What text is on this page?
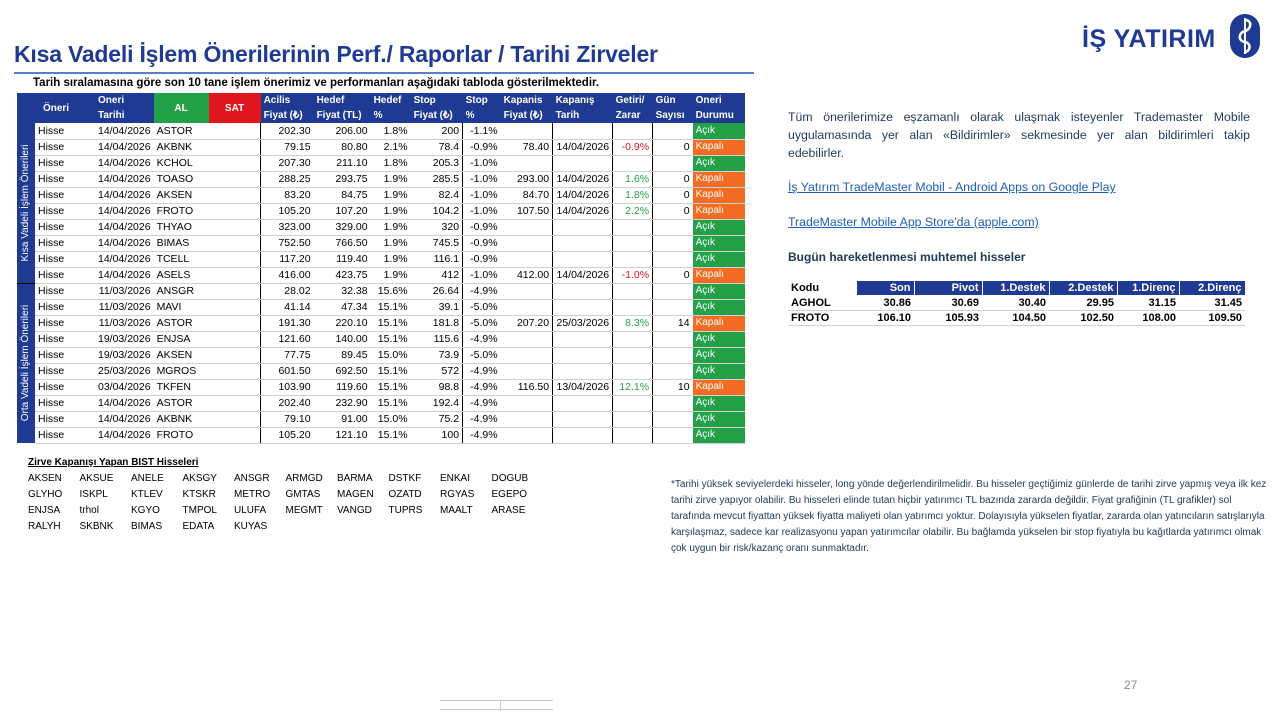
Kısa Vadeli İşlem Önerilerinin Perf./ Raporlar / Tarihi Zirveler
İŞ YATIRIM
Tarih sıralamasına göre son 10 tane işlem önerimiz ve performanları aşağıdaki tabloda gösterilmektedir.
Öneri		Oneri	AL	SAT	Acilis	Hedef	Hedef	Stop	Stop	Kapanis	Kapanış	Getiri/	Gün	Oneri
		Tarihi			Fiyat (₺)	Fiyat (TL)	%	Fiyat (₺)	%	Fiyat (₺)	Tarih	Zarar	Sayısı	Durumu

Kısa Vadeli İşlem Önerileri	Hisse	14/04/2026	ASTOR		202.30	206.00	1.8%	200	-1.1%					Açık
	Hisse	14/04/2026	AKBNK		79.15	80.80	2.1%	78.4	-0.9%	78.40	14/04/2026	-0.9%	0	Kapalı
	Hisse	14/04/2026	KCHOL		207.30	211.10	1.8%	205.3	-1.0%					Açık
	Hisse	14/04/2026	TOASO		288.25	293.75	1.9%	285.5	-1.0%	293.00	14/04/2026	1.6%	0	Kapalı
	Hisse	14/04/2026	AKSEN		83.20	84.75	1.9%	82.4	-1.0%	84.70	14/04/2026	1.8%	0	Kapalı
	Hisse	14/04/2026	FROTO		105.20	107.20	1.9%	104.2	-1.0%	107.50	14/04/2026	2.2%	0	Kapalı
	Hisse	14/04/2026	THYAO		323.00	329.00	1.9%	320	-0.9%					Açık
	Hisse	14/04/2026	BIMAS		752.50	766.50	1.9%	745.5	-0.9%					Açık
	Hisse	14/04/2026	TCELL		117.20	119.40	1.9%	116.1	-0.9%					Açık
	Hisse	14/04/2026	ASELS		416.00	423.75	1.9%	412	-1.0%	412.00	14/04/2026	-1.0%	0	Kapalı

Orta Vadeli İşlem Önerileri	Hisse	11/03/2026	ANSGR		28.02	32.38	15.6%	26.64	-4.9%					Açık
	Hisse	11/03/2026	MAVI		41.14	47.34	15.1%	39.1	-5.0%					Açık
	Hisse	11/03/2026	ASTOR		191.30	220.10	15.1%	181.8	-5.0%	207.20	25/03/2026	8.3%	14	Kapalı
	Hisse	19/03/2026	ENJSA		121.60	140.00	15.1%	115.6	-4.9%					Açık
	Hisse	19/03/2026	AKSEN		77.75	89.45	15.0%	73.9	-5.0%					Açık
	Hisse	25/03/2026	MGROS		601.50	692.50	15.1%	572	-4.9%					Açık
	Hisse	03/04/2026	TKFEN		103.90	119.60	15.1%	98.8	-4.9%	116.50	13/04/2026	12.1%	10	Kapalı
	Hisse	14/04/2026	ASTOR		202.40	232.90	15.1%	192.4	-4.9%					Açık
	Hisse	14/04/2026	AKBNK		79.10	91.00	15.0%	75.2	-4.9%					Açık
	Hisse	14/04/2026	FROTO		105.20	121.10	15.1%	100	-4.9%					Açık
Tüm önerilerimize eşzamanlı olarak ulaşmak isteyenler Trademaster Mobile uygulamasında yer alan «Bildirimler» sekmesinde yer alan bildirimleri takip edebilirler.
İş Yatırım TradeMaster Mobil - Android Apps on Google Play
TradeMaster Mobile App Store'da (apple.com)
Bugün hareketlenmesi muhtemel hisseler
Kodu	Son	Pivot	1.Destek	2.Destek	1.Direnç	2.Direnç
AGHOL	30.86	30.69	30.40	29.95	31.15	31.45
FROTO	106.10	105.93	104.50	102.50	108.00	109.50
Zirve Kapanışı Yapan BIST Hisseleri
AKSEN	AKSUE	ANELE	AKSGY	ANSGR	ARMGD	BARMA	DSTKF	ENKAI	DOGUB
GLYHO	ISKPL	KTLEV	KTSKR	METRO	GMTAS	MAGEN	OZATD	RGYAS	EGEPO
ENJSA	trhol	KGYO	TMPOL	ULUFA	MEGMT	VANGD	TUPRS	MAALT	ARASE
RALYH	SKBNK	BIMAS	EDATA	KUYAS
*Tarihi yüksek seviyelerdeki hisseler, long yönde değerlendirilmelidir. Bu hisseler geçtiğimiz günlerde de tarihi zirve yapmış veya ilk kez tarihi zirve yapıyor olabilir. Bu hisseleri elinde tutan hiçbir yatırımcı TL bazında zararda değildir. Fiyat grafiğinin (TL grafikler) sol tarafında mevcut fiyattan yüksek fiyatta maliyeti olan yatırımcı yoktur. Dolayısıyla yükselen fiyatlar, zararda olan yatıncıların satışlarıyla karşılaşmaz, sadece kar realizasyonu yapan yatırımcılar olabilir. Bu bağlamda yükselen bir stop fiyatıyla bu kağıtlarda yatırımcı olmak çok uygun bir risk/kazanç oranı sunmaktadır.
27
